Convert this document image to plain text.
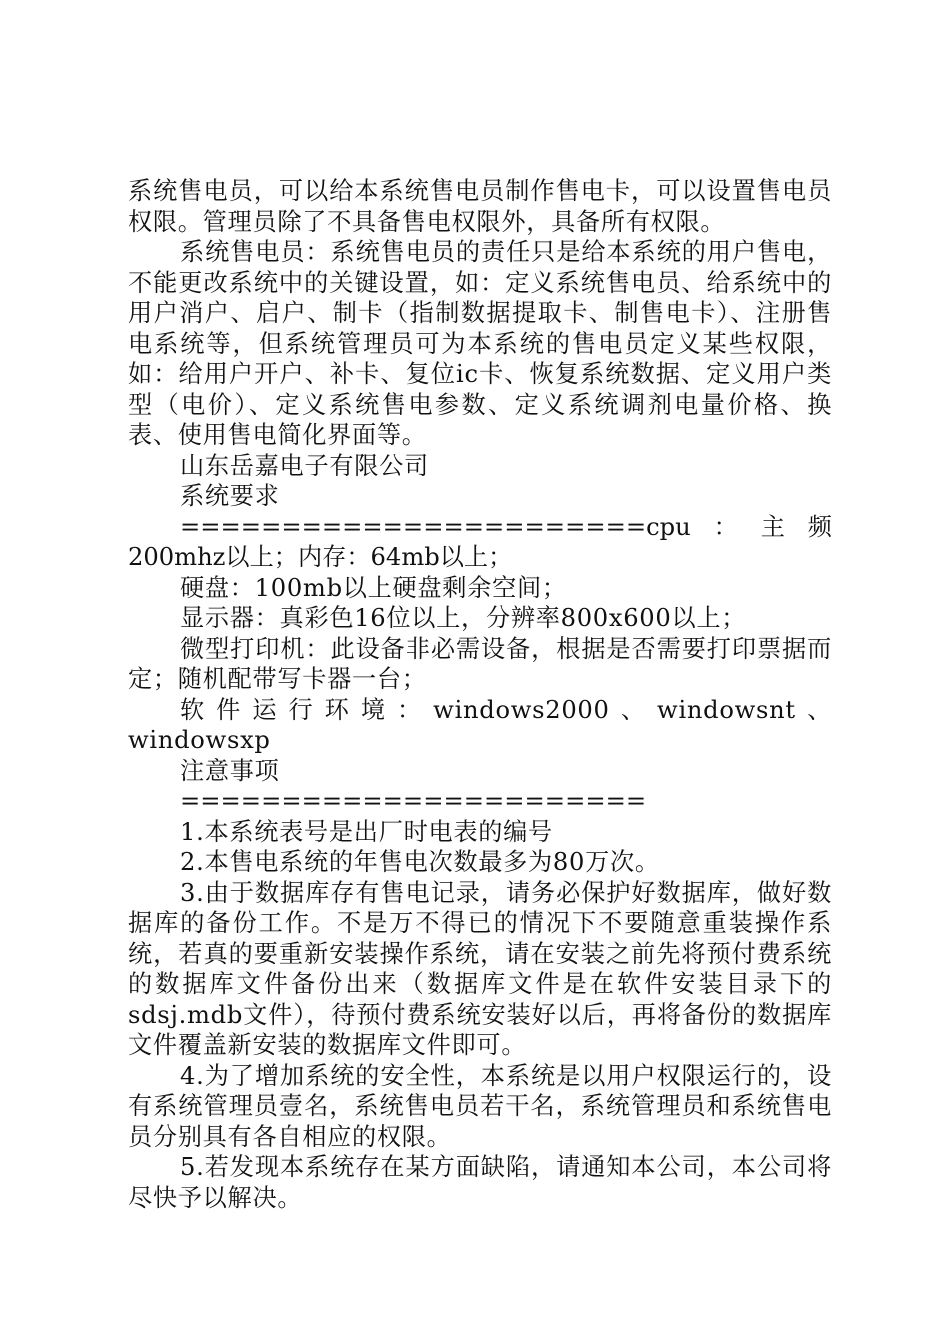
系统售电员，可以给本系统售电员制作售电卡，可以设置售电员权限。管理员除了不具备售电权限外，具备所有权限。

系统售电员：系统售电员的责任只是给本系统的用户售电，不能更改系统中的关键设置，如：定义系统售电员、给系统中的用户消户、启户、制卡（指制数据提取卡、制售电卡）、注册售电系统等，但系统管理员可为本系统的售电员定义某些权限，如：给用户开户、补卡、复位ic卡、恢复系统数据、定义用户类型（电价）、定义系统售电参数、定义系统调剂电量价格、换表、使用售电简化界面等。

山东岳嘉电子有限公司

系统要求

=======================cpu：主频200mhz以上；内存：64mb以上；

硬盘：100mb以上硬盘剩余空间；

显示器：真彩色16位以上，分辨率800x600以上；

微型打印机：此设备非必需设备，根据是否需要打印票据而定；随机配带写卡器一台；

软件运行环境：windows2000、windowsnt、windowsxp

注意事项

=======================

1.本系统表号是出厂时电表的编号

2.本售电系统的年售电次数最多为80万次。

3.由于数据库存有售电记录，请务必保护好数据库，做好数据库的备份工作。不是万不得已的情况下不要随意重装操作系统，若真的要重新安装操作系统，请在安装之前先将预付费系统的数据库文件备份出来（数据库文件是在软件安装目录下的sdsj.mdb文件），待预付费系统安装好以后，再将备份的数据库文件覆盖新安装的数据库文件即可。

4.为了增加系统的安全性，本系统是以用户权限运行的，设有系统管理员壹名，系统售电员若干名，系统管理员和系统售电员分别具有各自相应的权限。

5.若发现本系统存在某方面缺陷，请通知本公司，本公司将尽快予以解决。
